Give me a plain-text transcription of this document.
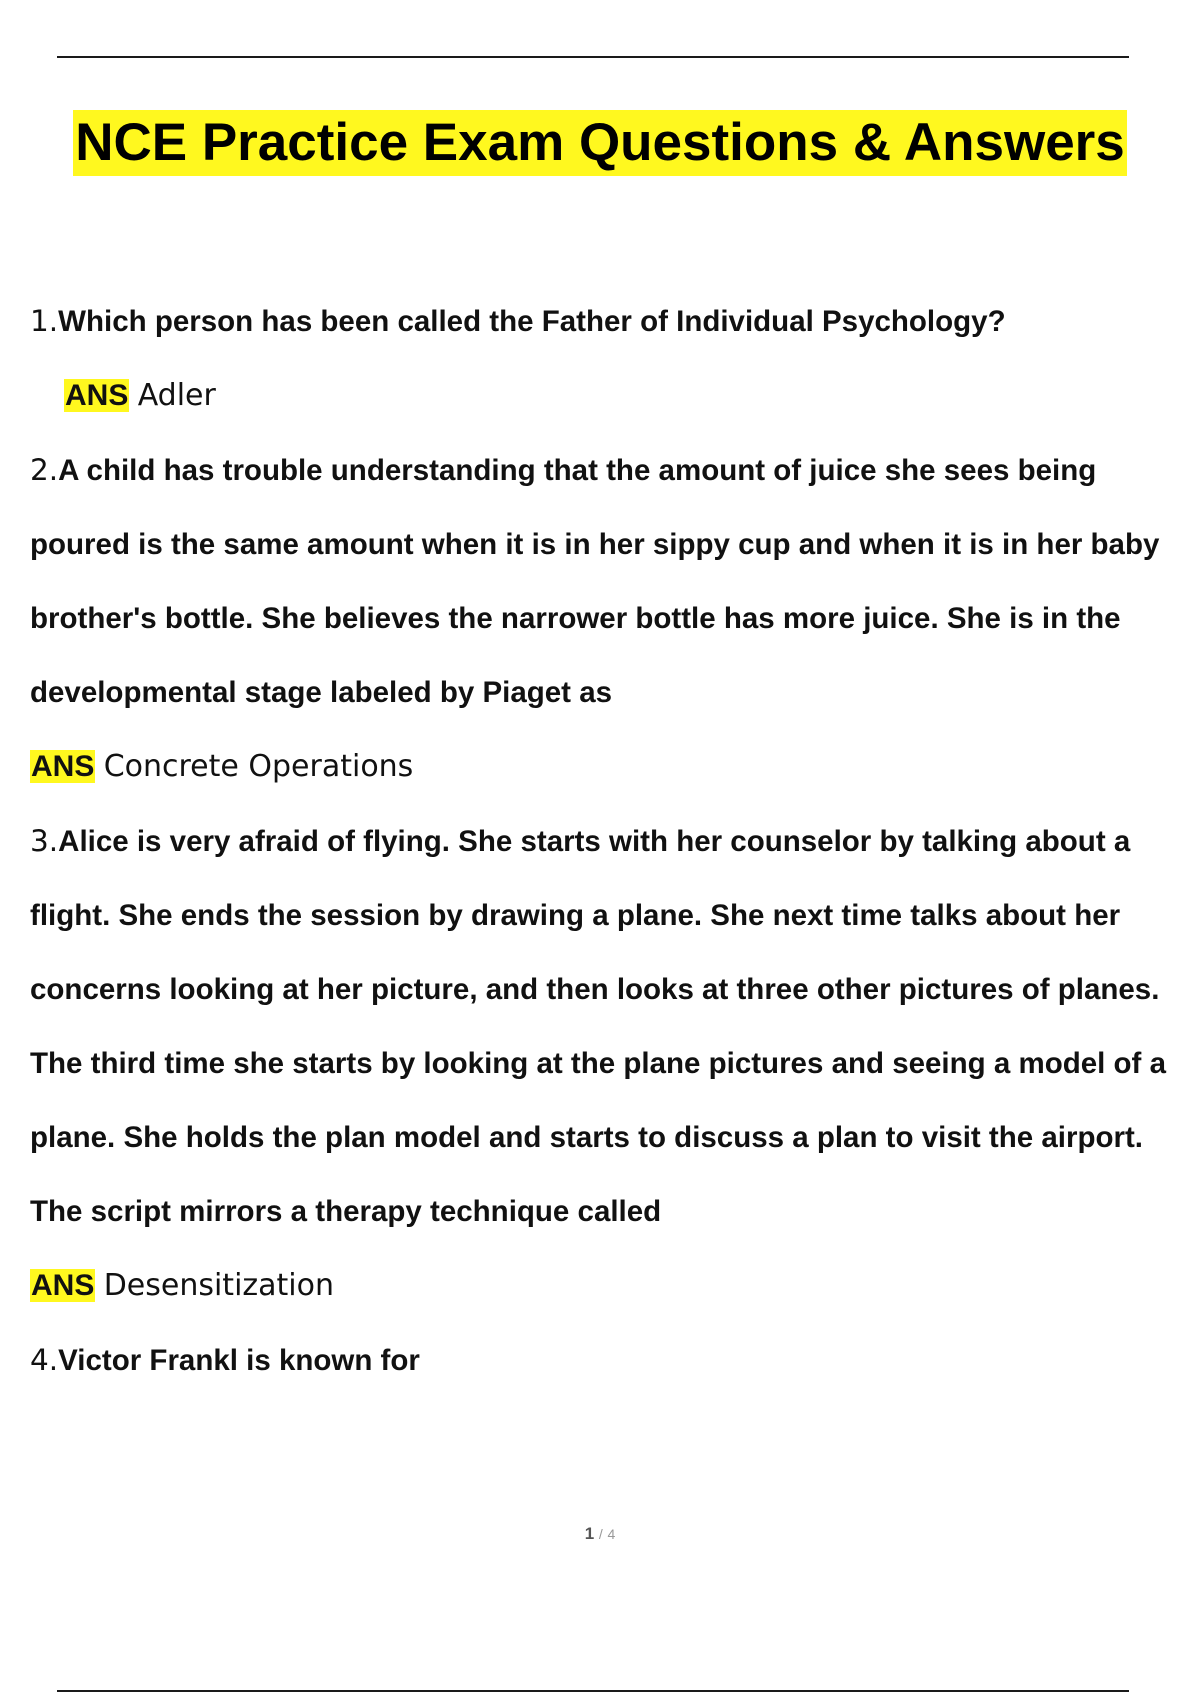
NCE Practice Exam Questions & Answers
1.Which person has been called the Father of Individual Psychology?
ANS Adler
2.A child has trouble understanding that the amount of juice she sees being poured is the same amount when it is in her sippy cup and when it is in her baby brother's bottle. She believes the narrower bottle has more juice. She is in the developmental stage labeled by Piaget as
ANS Concrete Operations
3.Alice is very afraid of flying. She starts with her counselor by talking about a flight. She ends the session by drawing a plane. She next time talks about her concerns looking at her picture, and then looks at three other pictures of planes. The third time she starts by looking at the plane pictures and seeing a model of a plane. She holds the plan model and starts to discuss a plan to visit the airport. The script mirrors a therapy technique called
ANS Desensitization
4.Victor Frankl is known for
1 / 4
